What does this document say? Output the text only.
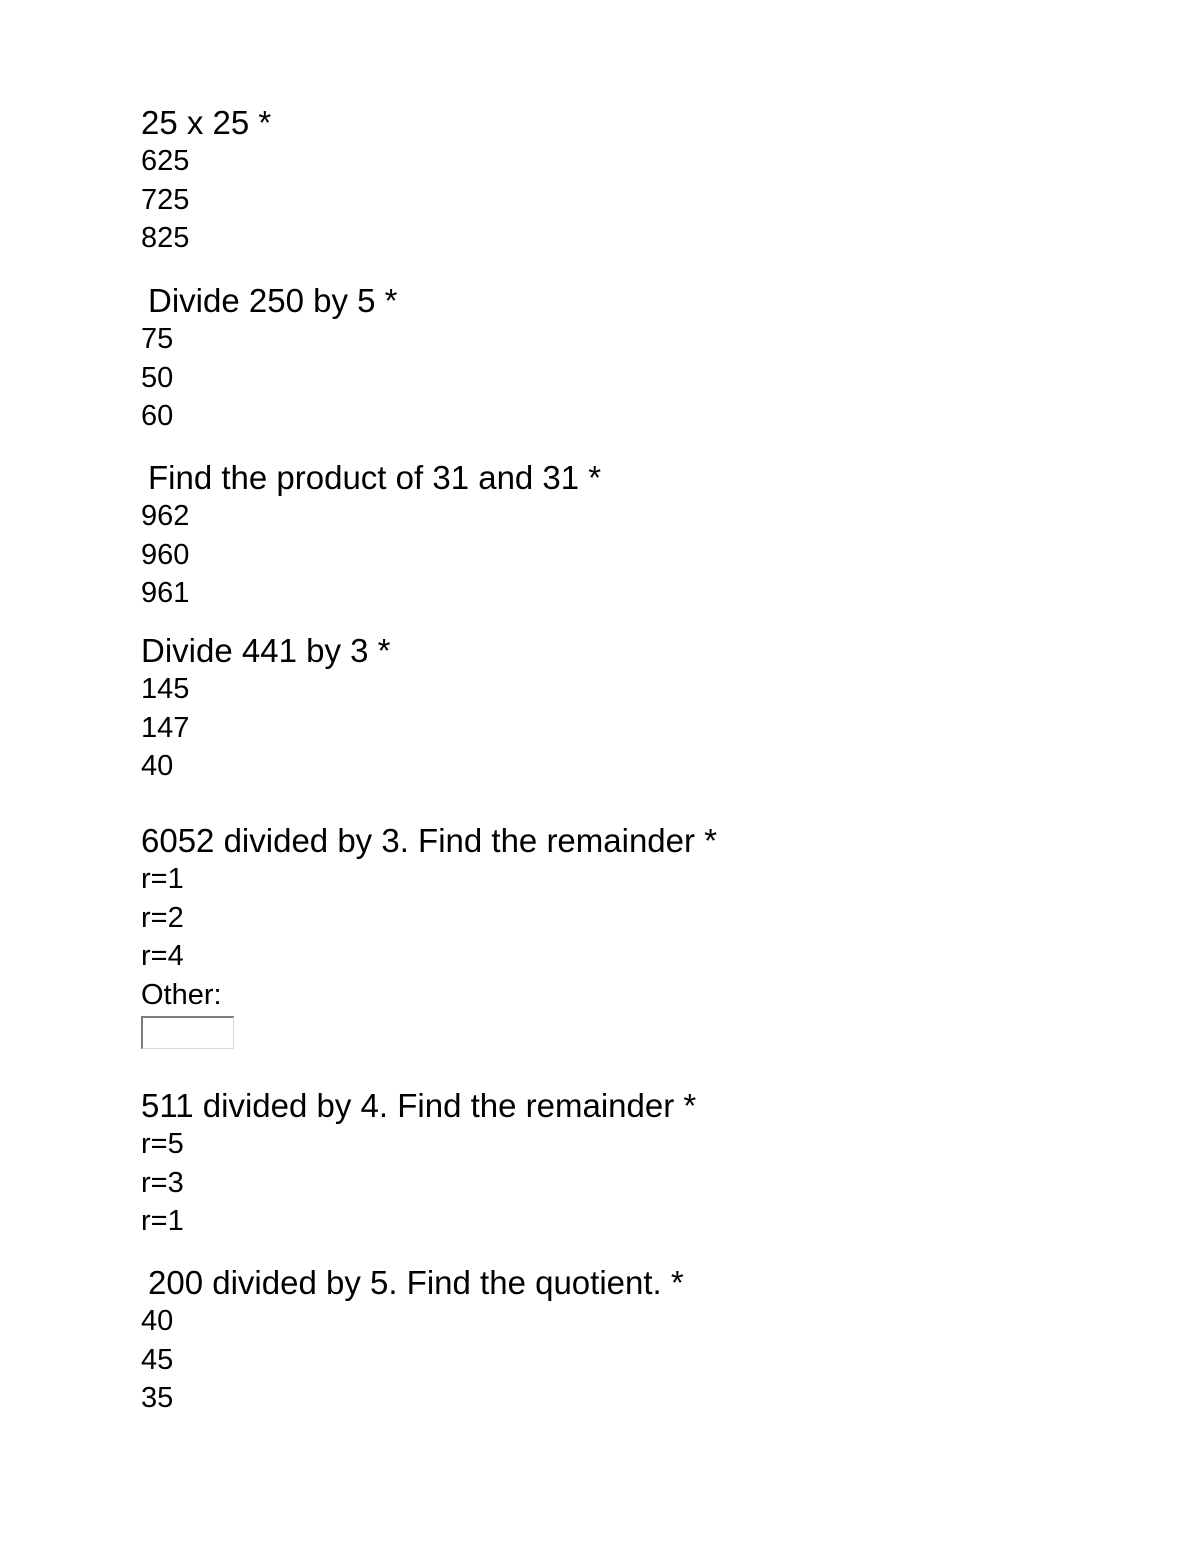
25 x 25 *
625
725
825
Divide 250 by 5 *
75
50
60
Find the product of 31 and 31 *
962
960
961
Divide 441 by 3 *
145
147
40
6052 divided by 3. Find the remainder *
r=1
r=2
r=4
Other:
511 divided by 4. Find the remainder *
r=5
r=3
r=1
200 divided by 5. Find the quotient. *
40
45
35
